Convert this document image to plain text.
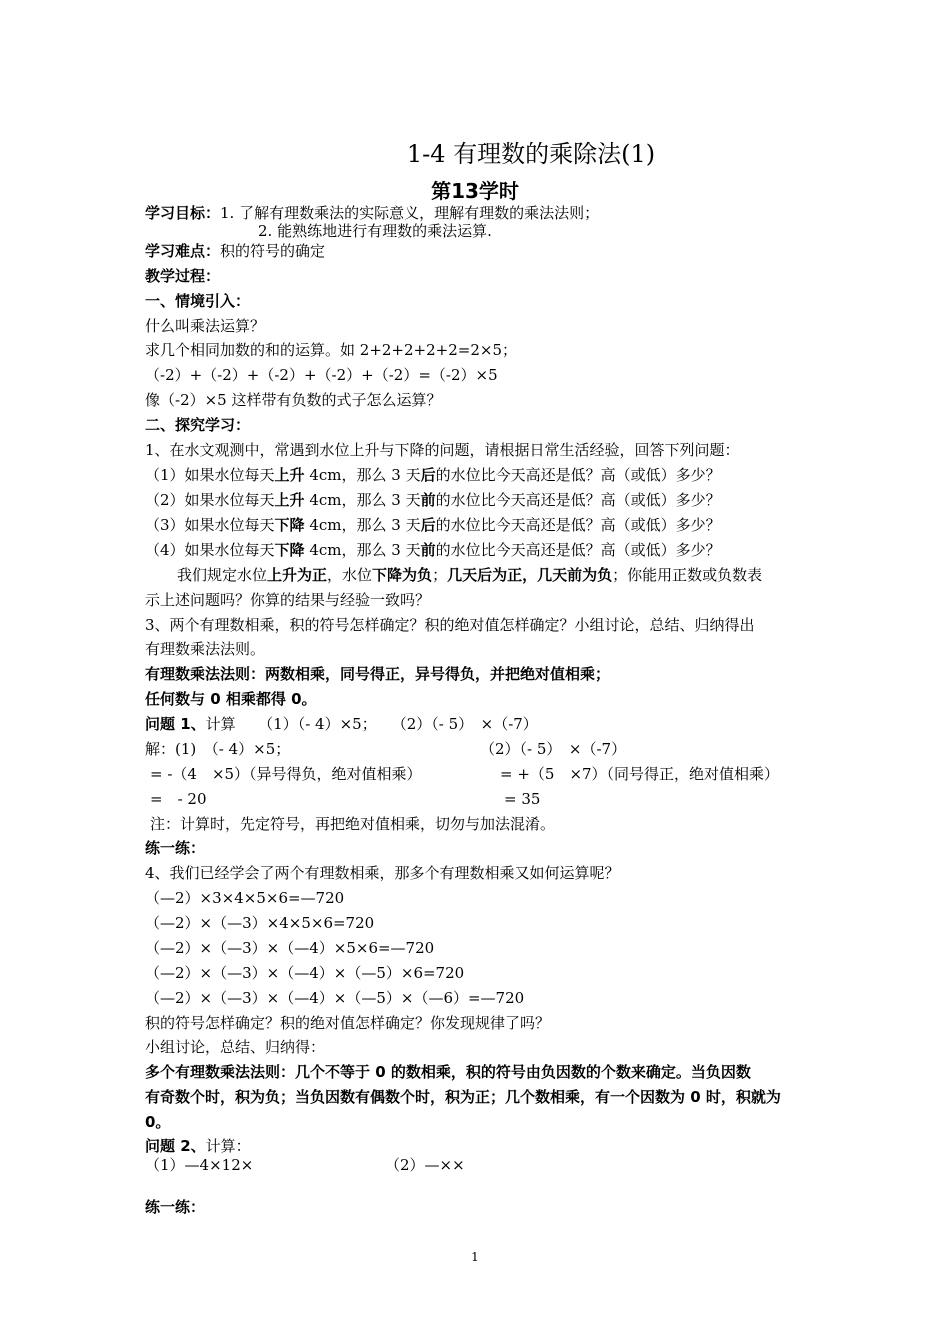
1-4 有理数的乘除法(1)
第13学时
学习目标：1. 了解有理数乘法的实际意义，理解有理数的乘法法则；
2. 能熟练地进行有理数的乘法运算.
学习难点：积的符号的确定
教学过程：
一、情境引入：
什么叫乘法运算？
求几个相同加数的和的运算。如 2+2+2+2+2=2×5；
（-2）+（-2）+（-2）+（-2）+（-2）=（-2）×5
像（-2）×5 这样带有负数的式子怎么运算？
二、探究学习：
1、在水文观测中，常遇到水位上升与下降的问题，请根据日常生活经验，回答下列问题：
（1）如果水位每天上升 4cm，那么 3 天后的水位比今天高还是低？高（或低）多少？
（2）如果水位每天上升 4cm，那么 3 天前的水位比今天高还是低？高（或低）多少？
（3）如果水位每天下降 4cm，那么 3 天后的水位比今天高还是低？高（或低）多少？
（4）如果水位每天下降 4cm，那么 3 天前的水位比今天高还是低？高（或低）多少？
我们规定水位上升为正，水位下降为负；几天后为正，几天前为负；你能用正数或负数表
示上述问题吗？你算的结果与经验一致吗？
3、两个有理数相乘，积的符号怎样确定？积的绝对值怎样确定？小组讨论，总结、归纳得出
有理数乘法法则。
有理数乘法法则：两数相乘，同号得正，异号得负，并把绝对值相乘；
任何数与 0 相乘都得 0。
问题 1、计算　　（1）（- 4）×5；　　（2）（- 5）　×（-7）
解：(1)　（- 4）×5；	（2）（- 5）　×（-7）
= -（4　×5）（异号得负，绝对值相乘）	= +（5　×7）（同号得正，绝对值相乘）
=　- 20	= 35
注：计算时，先定符号，再把绝对值相乘，切勿与加法混淆。
练一练：
4、我们已经学会了两个有理数相乘，那多个有理数相乘又如何运算呢？
（—2）×3×4×5×6=—720
（—2）×（—3）×4×5×6=720
（—2）×（—3）×（—4）×5×6=—720
（—2）×（—3）×（—4）×（—5）×6=720
（—2）×（—3）×（—4）×（—5）×（—6）=—720
积的符号怎样确定？积的绝对值怎样确定？你发现规律了吗？
小组讨论，总结、归纳得：
多个有理数乘法法则：几个不等于 0 的数相乘，积的符号由负因数的个数来确定。当负因数
有奇数个时，积为负；当负因数有偶数个时，积为正；几个数相乘，有一个因数为 0 时，积就为
0。
问题 2、计算：
（1）—4×12×	（2）—××
练一练：
1
